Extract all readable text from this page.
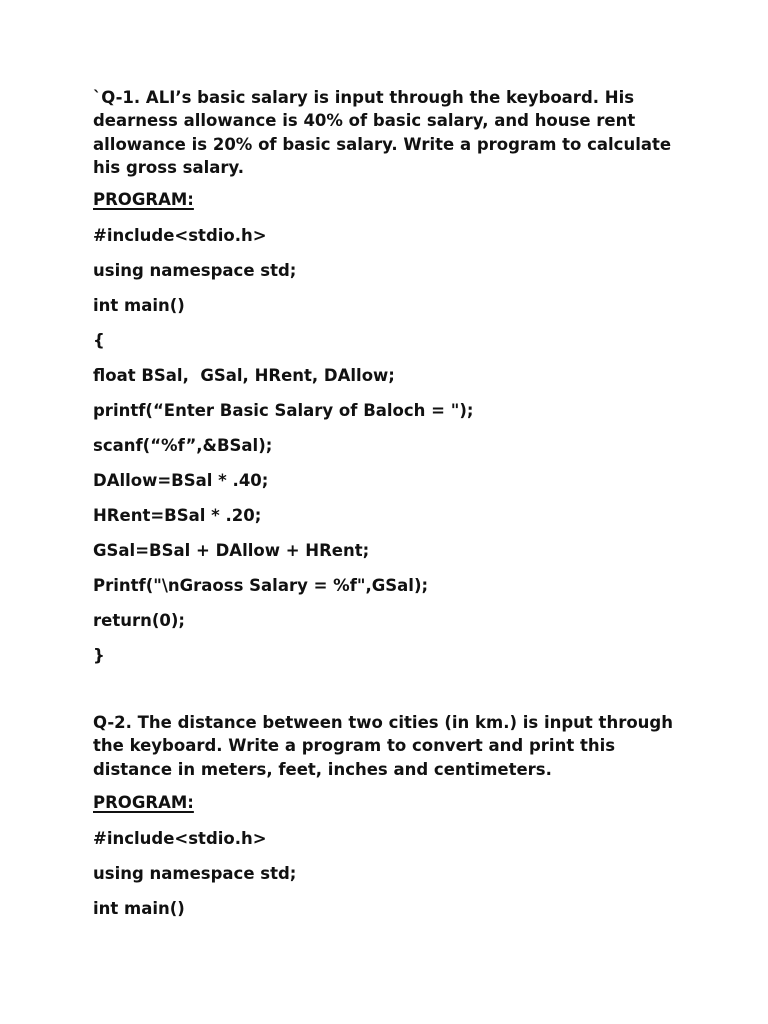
`Q-1. ALI’s basic salary is input through the keyboard. His dearness allowance is 40% of basic salary, and house rent allowance is 20% of basic salary. Write a program to calculate his gross salary.

PROGRAM:

#include<stdio.h>

using namespace std;

int main()

{

float BSal,  GSal, HRent, DAllow;

printf(“Enter Basic Salary of Baloch = ");

scanf(“%f”,&BSal);

DAllow=BSal * .40;

HRent=BSal * .20;

GSal=BSal + DAllow + HRent;

Printf("\nGraoss Salary = %f",GSal);

return(0);

}

Q-2. The distance between two cities (in km.) is input through the keyboard. Write a program to convert and print this distance in meters, feet, inches and centimeters.

PROGRAM:

#include<stdio.h>

using namespace std;

int main()
